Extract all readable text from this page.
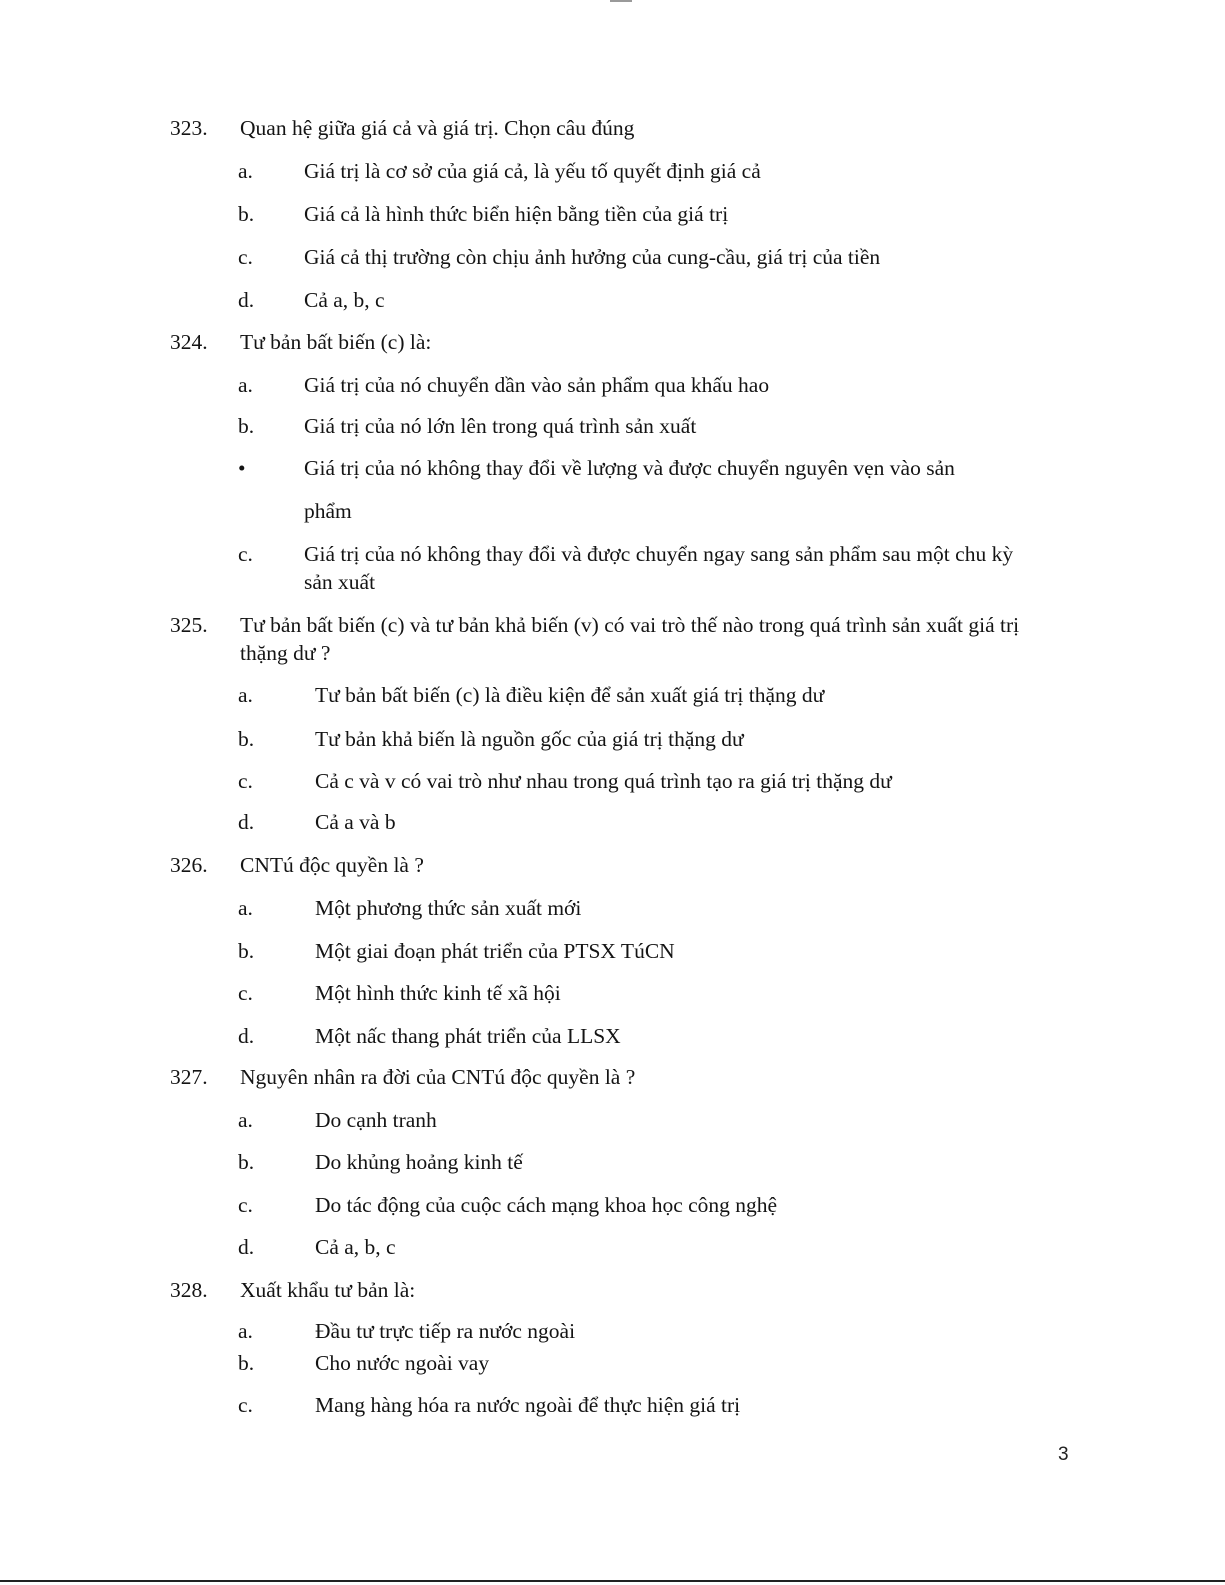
323. Quan hệ giữa giá cả và giá trị. Chọn câu đúng
a. Giá trị là cơ sở của giá cả, là yếu tố quyết định giá cả
b. Giá cả là hình thức biển hiện bằng tiền của giá trị
c. Giá cả thị trường còn chịu ảnh hưởng của cung-cầu, giá trị của tiền
d. Cả a, b, c
324. Tư bản bất biến (c) là:
a. Giá trị của nó chuyển dần vào sản phẩm qua khấu hao
b. Giá trị của nó lớn lên trong quá trình sản xuất
•	Giá trị của nó không thay đổi về lượng và được chuyển nguyên vẹn vào sản
phẩm
c. Giá trị của nó không thay đổi và được chuyển ngay sang sản phẩm sau một chu kỳ
sản xuất
325. Tư bản bất biến (c) và tư bản khả biến (v) có vai trò thế nào trong quá trình sản xuất giá trị
thặng dư ?
a.	Tư bản bất biến (c) là điều kiện để sản xuất giá trị thặng dư
b.	Tư bản khả biến là nguồn gốc của giá trị thặng dư
c.	Cả c và v có vai trò như nhau trong quá trình tạo ra giá trị thặng dư
d.	Cả a và b
326. CNTú độc quyền là ?
a.	Một phương thức sản xuất mới
b.	Một giai đoạn phát triển của PTSX TúCN
c.	Một hình thức kinh tế xã hội
d.	Một nấc thang phát triển của LLSX
327. Nguyên nhân ra đời của CNTú độc quyền là ?
a.	Do cạnh tranh
b.	Do khủng hoảng kinh tế
c.	Do tác động của cuộc cách mạng khoa học công nghệ
d.	Cả a, b, c
328. Xuất khẩu tư bản là:
a.	Đầu tư trực tiếp ra nước ngoài
b.	Cho nước ngoài vay
c.	Mang hàng hóa ra nước ngoài để thực hiện giá trị
3
